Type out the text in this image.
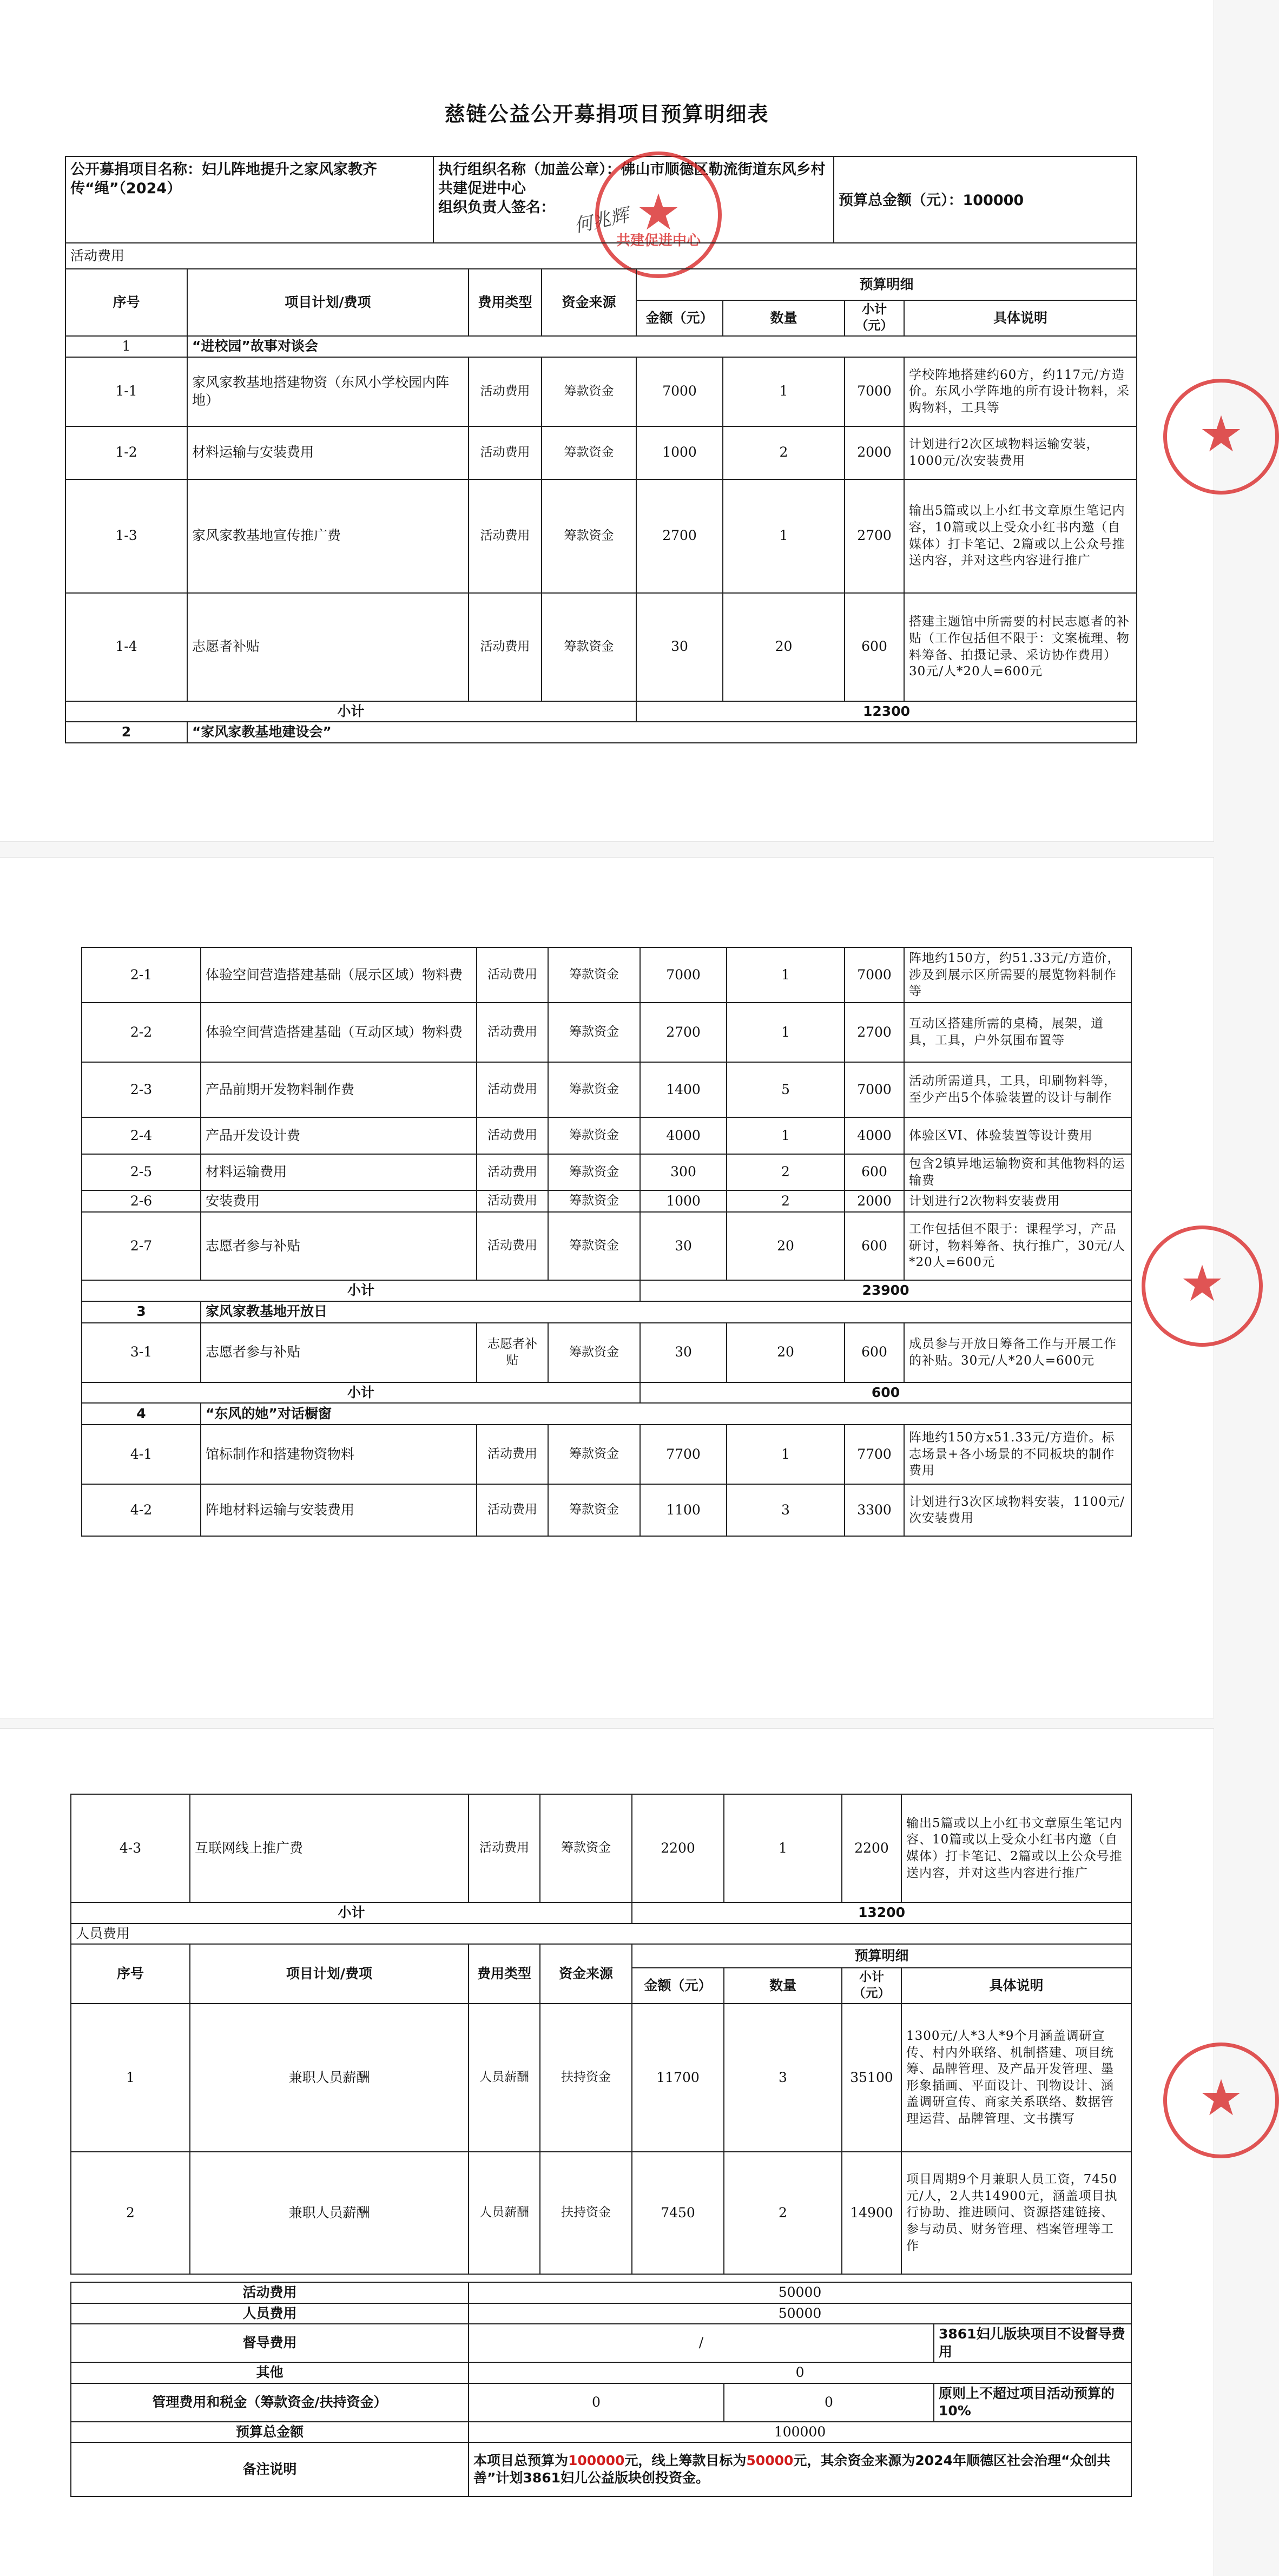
慈链公益公开募捐项目预算明细表
公开募捐项目名称：妇儿阵地提升之家风家教齐传“绳”（2024）	
执行组织名称（加盖公章）：佛山市顺德区勒流街道东风乡村共建促进中心
组织负责人签名：	预算总金额（元）：100000
何兆辉 ★
共建促进中心
活动费用							
序号	项目计划/费项	费用类型	资金来源	预算明细			
				金额（元）	数量	小计（元）	具体说明
1	“进校园”故事对谈会						
1-1	家风家教基地搭建物资（东风小学校园内阵地）	活动费用	筹款资金	7000	1	7000	学校阵地搭建约60方，约117元/方造价。东风小学阵地的所有设计物料，采购物料，工具等
1-2	材料运输与安装费用	活动费用	筹款资金	1000	2	2000	计划进行2次区域物料运输安装，1000元/次安装费用
1-3	家风家教基地宣传推广费	活动费用	筹款资金	2700	1	2700	输出5篇或以上小红书文章原生笔记内容，10篇或以上受众小红书内邀（自媒体）打卡笔记、2篇或以上公众号推送内容，并对这些内容进行推广
1-4	志愿者补贴	活动费用	筹款资金	30	20	600	搭建主题馆中所需要的村民志愿者的补贴（工作包括但不限于：文案梳理、物料筹备、拍摄记录、采访协作费用）30元/人*20人=600元
小计				12300			
2	“家风家教基地建设会”						
★
2-1	体验空间营造搭建基础（展示区域）物料费	活动费用	筹款资金	7000	1	7000	阵地约150方，约51.33元/方造价，涉及到展示区所需要的展览物料制作等
2-2	体验空间营造搭建基础（互动区域）物料费	活动费用	筹款资金	2700	1	2700	互动区搭建所需的桌椅，展架，道具，工具，户外氛围布置等
2-3	产品前期开发物料制作费	活动费用	筹款资金	1400	5	7000	活动所需道具，工具，印刷物料等，至少产出5个体验装置的设计与制作
2-4	产品开发设计费	活动费用	筹款资金	4000	1	4000	体验区VI、体验装置等设计费用
2-5	材料运输费用	活动费用	筹款资金	300	2	600	包含2镇异地运输物资和其他物料的运输费
2-6	安装费用	活动费用	筹款资金	1000	2	2000	计划进行2次物料安装费用
2-7	志愿者参与补贴	活动费用	筹款资金	30	20	600	工作包括但不限于：课程学习，产品研讨，物料筹备、执行推广，30元/人*20人=600元
小计				23900			
3	家风家教基地开放日						
3-1	志愿者参与补贴	志愿者补贴	筹款资金	30	20	600	成员参与开放日筹备工作与开展工作的补贴。30元/人*20人=600元
小计				600			
4	“东风的她”对话橱窗						
4-1	馆标制作和搭建物资物料	活动费用	筹款资金	7700	1	7700	阵地约150方x51.33元/方造价。标志场景+各小场景的不同板块的制作费用
4-2	阵地材料运输与安装费用	活动费用	筹款资金	1100	3	3300	计划进行3次区域物料安装，1100元/次安装费用
★
4-3	互联网线上推广费	活动费用	筹款资金	2200	1	2200	输出5篇或以上小红书文章原生笔记内容、10篇或以上受众小红书内邀（自媒体）打卡笔记、2篇或以上公众号推送内容，并对这些内容进行推广
小计				13200			
人员费用							
序号	项目计划/费项	费用类型	资金来源	预算明细			
				金额（元）	数量	小计（元）	具体说明
1	兼职人员薪酬	人员薪酬	扶持资金	11700	3	35100	1300元/人*3人*9个月涵盖调研宣传、村内外联络、机制搭建、项目统筹、品牌管理、及产品开发管理、墨形象插画、平面设计、刊物设计、涵盖调研宣传、商家关系联络、数据管理运营、品牌管理、文书撰写
2	兼职人员薪酬	人员薪酬	扶持资金	7450	2	14900	项目周期9个月兼职人员工资，7450元/人，2人共14900元，涵盖项目执行协助、推进顾问、资源搭建链接、参与动员、财务管理、档案管理等工作
活动费用	50000		
人员费用	50000		
督导费用	/		3861妇儿版块项目不设督导费用
其他	0		
管理费用和税金（筹款资金/扶持资金）	0	0	原则上不超过项目活动预算的10%
预算总金额	100000		
备注说明	本项目总预算为100000元，线上筹款目标为50000元，其余资金来源为2024年顺德区社会治理“众创共善”计划3861妇儿公益版块创投资金。		
★
